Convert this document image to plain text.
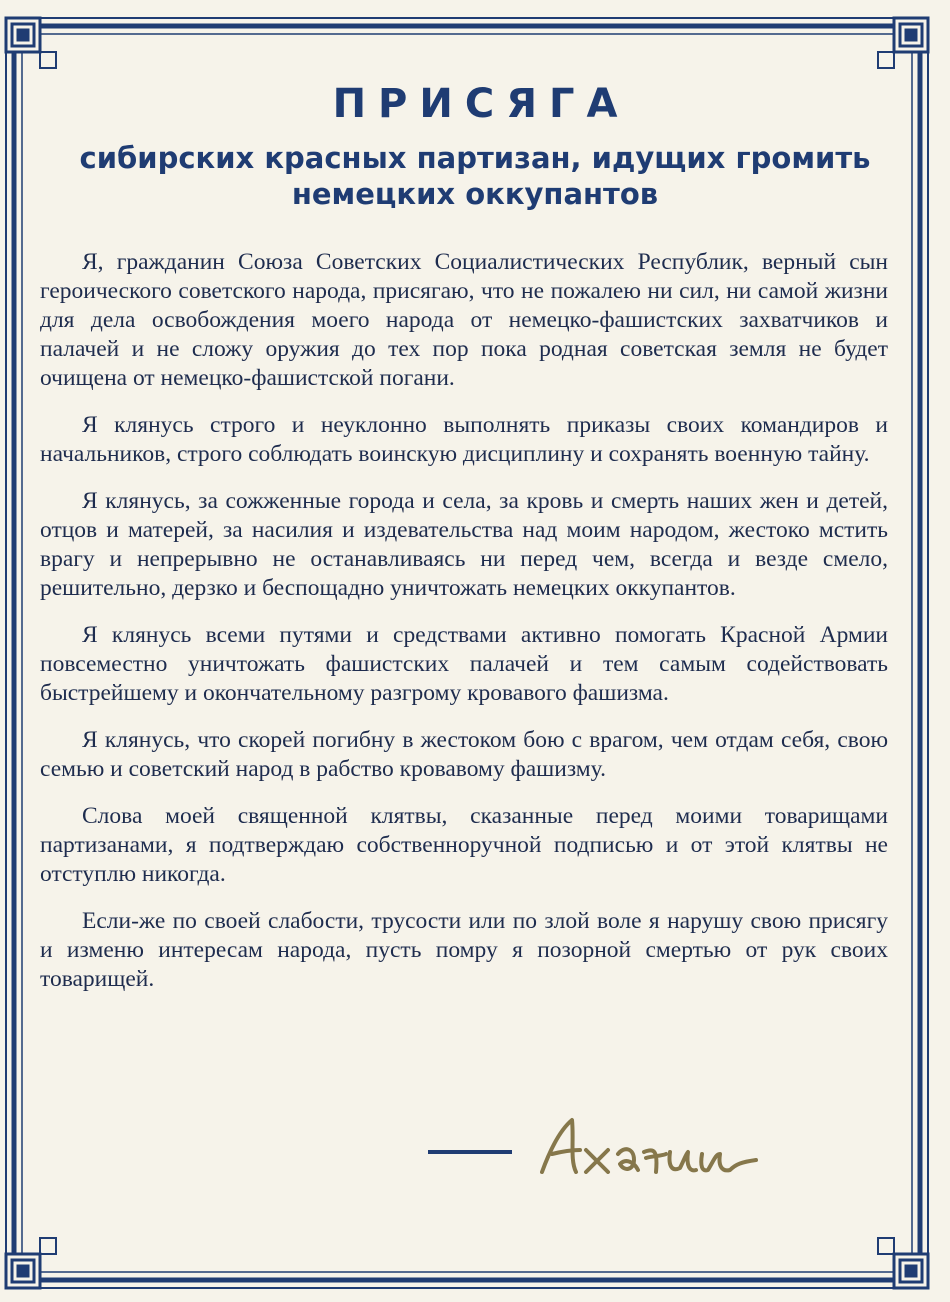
ПРИСЯГА
сибирских красных партизан, идущих громить
немецких оккупантов

Я, гражданин Союза Советских Социалистических Республик, верный сын героического советского народа, присягаю, что не пожалею ни сил, ни самой жизни для дела освобождения моего народа от немецко-фашистских захватчиков и палачей и не сложу оружия до тех пор пока родная советская земля не будет очищена от немецко-фашистской погани.

Я клянусь строго и неуклонно выполнять приказы своих командиров и начальников, строго соблюдать воинскую дисциплину и сохранять военную тайну.

Я клянусь, за сожженные города и села, за кровь и смерть наших жен и детей, отцов и матерей, за насилия и издевательства над моим народом, жестоко мстить врагу и непрерывно не останавливаясь ни перед чем, всегда и везде смело, решительно, дерзко и беспощадно уничтожать немецких оккупантов.

Я клянусь всеми путями и средствами активно помогать Красной Армии повсеместно уничтожать фашистских палачей и тем самым содействовать быстрейшему и окончательному разгрому кровавого фашизма.

Я клянусь, что скорей погибну в жестоком бою с врагом, чем отдам себя, свою семью и советский народ в рабство кровавому фашизму.

Слова моей священной клятвы, сказанные перед моими товарищами партизанами, я подтверждаю собственноручной подписью и от этой клятвы не отступлю никогда.

Если-же по своей слабости, трусости или по злой воле я нарушу свою присягу и изменю интересам народа, пусть помру я позорной смертью от рук своих товарищей.
